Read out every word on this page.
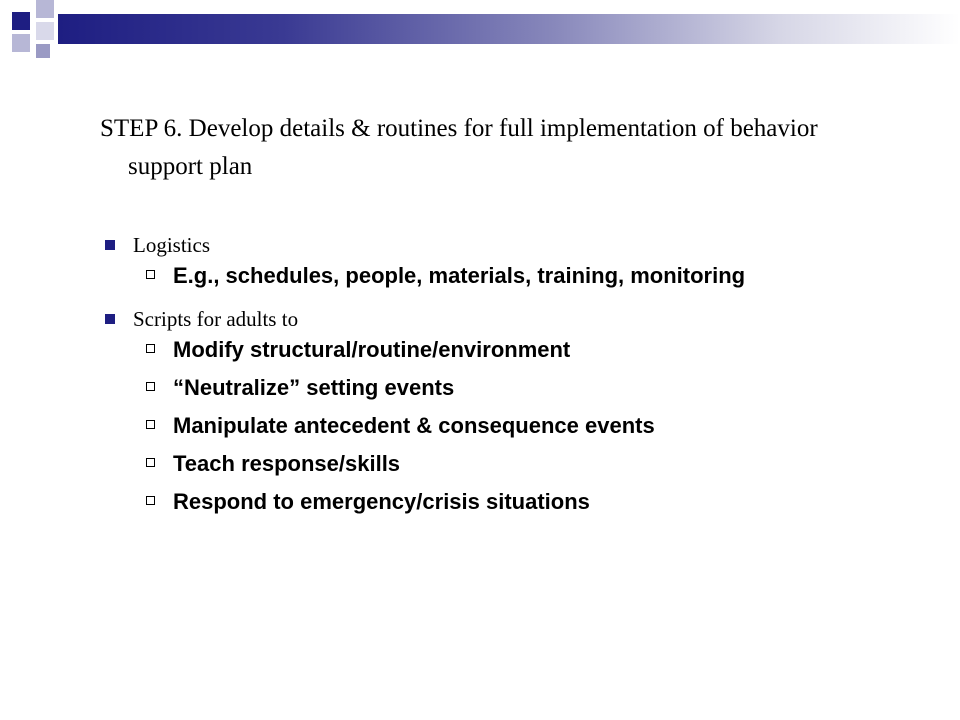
STEP 6. Develop details & routines for full implementation of behavior support plan
Logistics
E.g., schedules, people, materials, training, monitoring
Scripts for adults to
Modify structural/routine/environment
“Neutralize” setting events
Manipulate antecedent & consequence events
Teach response/skills
Respond to emergency/crisis situations
